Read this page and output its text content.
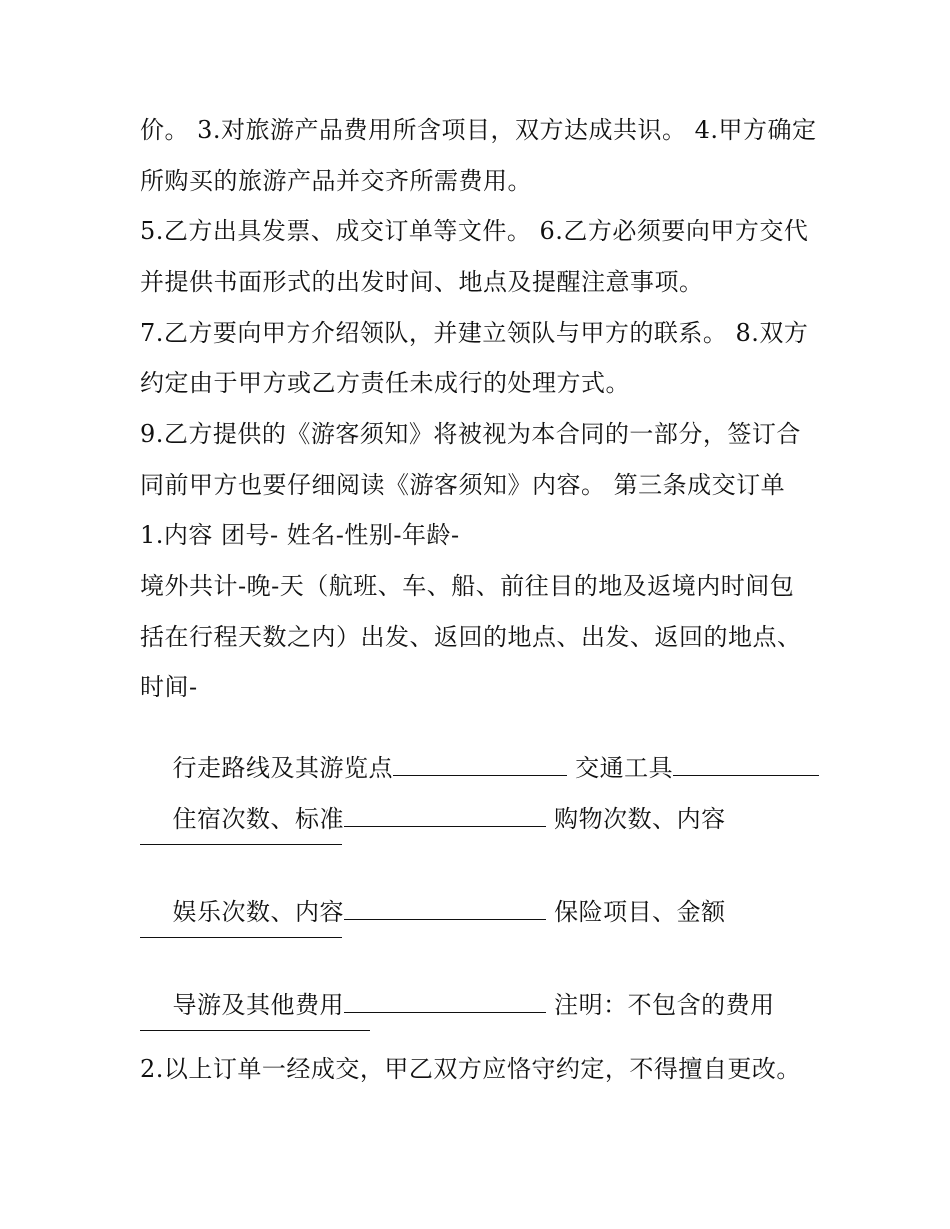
价。 3.对旅游产品费用所含项目，双方达成共识。 4.甲方确定
所购买的旅游产品并交齐所需费用。
5.乙方出具发票、成交订单等文件。 6.乙方必须要向甲方交代
并提供书面形式的出发时间、地点及提醒注意事项。
7.乙方要向甲方介绍领队，并建立领队与甲方的联系。 8.双方
约定由于甲方或乙方责任未成行的处理方式。
9.乙方提供的《游客须知》将被视为本合同的一部分，签订合
同前甲方也要仔细阅读《游客须知》内容。 第三条成交订单
1.内容 团号- 姓名-性别-年龄-
境外共计-晚-天（航班、车、船、前往目的地及返境内时间包
括在行程天数之内）出发、返回的地点、出发、返回的地点、
时间-

行走路线及其游览点	交通工具

住宿次数、标准	购物次数、内容

娱乐次数、内容	保险项目、金额

导游及其他费用	注明：不包含的费用

2.以上订单一经成交，甲乙双方应恪守约定，不得擅自更改。
